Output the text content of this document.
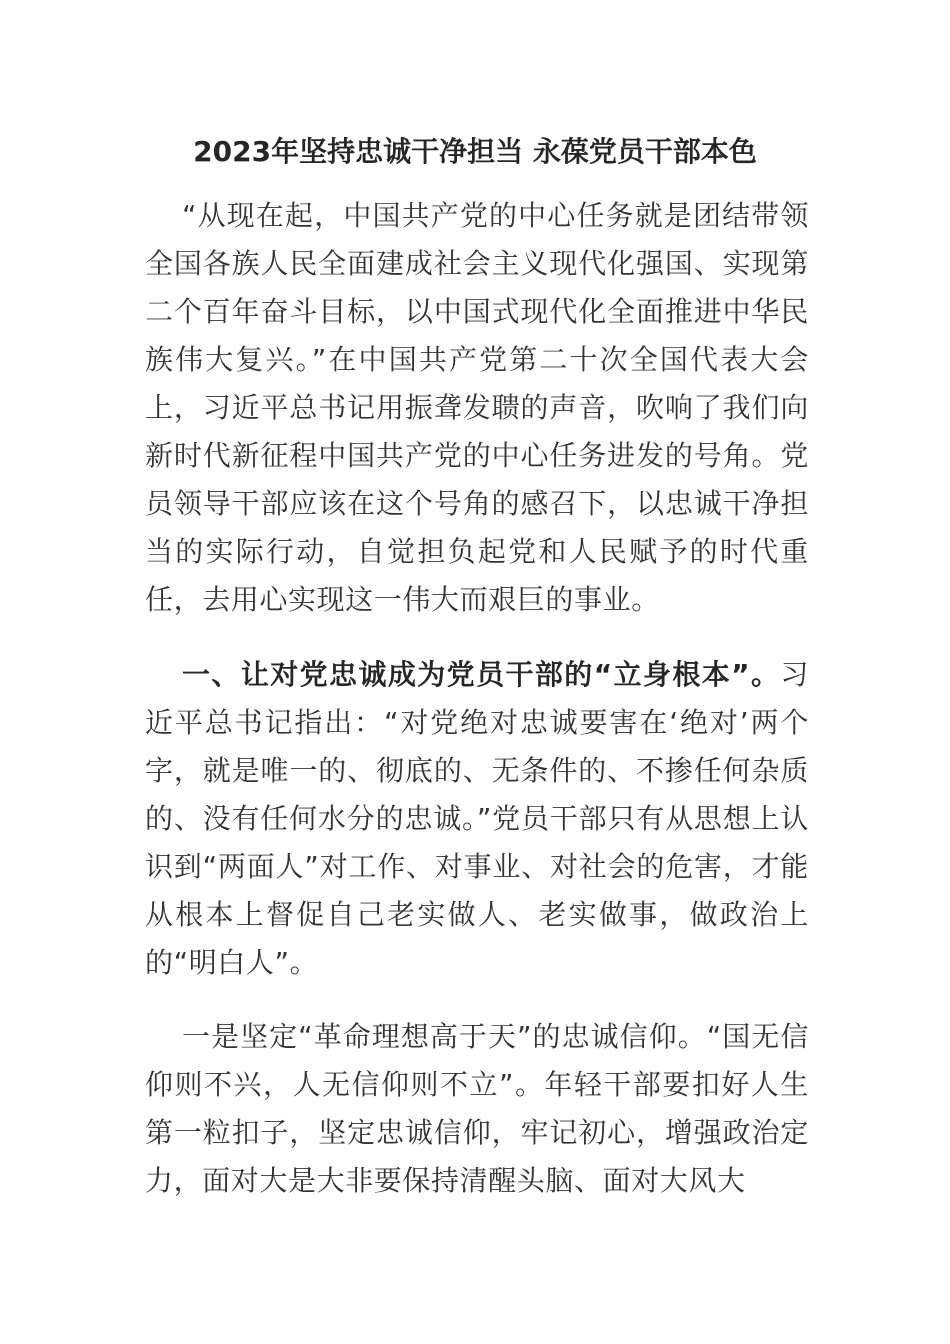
2023年坚持忠诚干净担当 永葆党员干部本色

“从现在起，中国共产党的中心任务就是团结带领全国各族人民全面建成社会主义现代化强国、实现第二个百年奋斗目标，以中国式现代化全面推进中华民族伟大复兴。”在中国共产党第二十次全国代表大会上，习近平总书记用振聋发聩的声音，吹响了我们向新时代新征程中国共产党的中心任务进发的号角。党员领导干部应该在这个号角的感召下，以忠诚干净担当的实际行动，自觉担负起党和人民赋予的时代重任，去用心实现这一伟大而艰巨的事业。

一、让对党忠诚成为党员干部的“立身根本”。习近平总书记指出：“对党绝对忠诚要害在‘绝对’两个字，就是唯一的、彻底的、无条件的、不掺任何杂质的、没有任何水分的忠诚。”党员干部只有从思想上认识到“两面人”对工作、对事业、对社会的危害，才能从根本上督促自己老实做人、老实做事，做政治上的“明白人”。

一是坚定“革命理想高于天”的忠诚信仰。“国无信仰则不兴，人无信仰则不立”。年轻干部要扣好人生第一粒扣子，坚定忠诚信仰，牢记初心，增强政治定力，面对大是大非要保持清醒头脑、面对大风大
